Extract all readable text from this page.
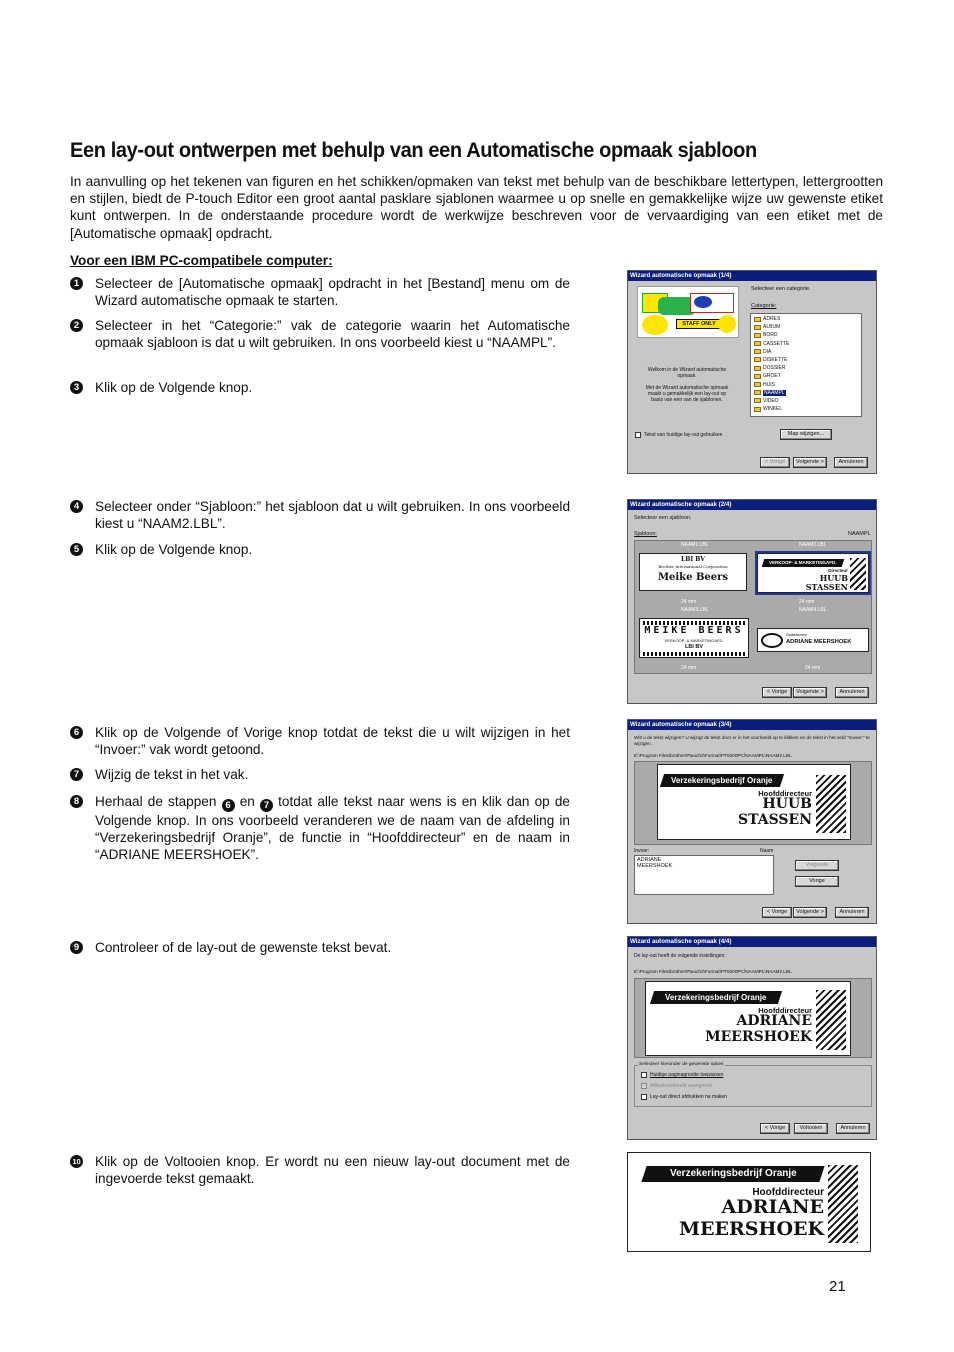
Een lay-out ontwerpen met behulp van een Automatische opmaak sjabloon

In aanvulling op het tekenen van figuren en het schikken/opmaken van tekst met behulp van de beschikbare lettertypen, lettergrootten en stijlen, biedt de P-touch Editor een groot aantal pasklare sjablonen waarmee u op snelle en gemakkelijke wijze uw gewenste etiket kunt ontwerpen. In de onderstaande procedure wordt de werkwijze beschreven voor de vervaardiging van een etiket met de [Automatische opmaak] opdracht.

Voor een IBM PC-compatibele computer:
1 Selecteer de [Automatische opmaak] opdracht in het [Bestand] menu om de Wizard automatische opmaak te starten.
2 Selecteer in het “Categorie:” vak de categorie waarin het Automatische opmaak sjabloon is dat u wilt gebruiken. In ons voorbeeld kiest u “NAAMPL”.
3 Klik op de Volgende knop.
4 Selecteer onder “Sjabloon:” het sjabloon dat u wilt gebruiken. In ons voorbeeld kiest u “NAAM2.LBL”.
5 Klik op de Volgende knop.
6 Klik op de Volgende of Vorige knop totdat de tekst die u wilt wijzigen in het “Invoer:” vak wordt getoond.
7 Wijzig de tekst in het vak.
8 Herhaal de stappen 6 en 7 totdat alle tekst naar wens is en klik dan op de Volgende knop. In ons voorbeeld veranderen we de naam van de afdeling in “Verzekeringsbedrijf Oranje”, de functie in “Hoofddirecteur” en de naam in “ADRIANE MEERSHOEK”.
9 Controleer of de lay-out de gewenste tekst bevat.
10 Klik op de Voltooien knop. Er wordt nu een nieuw lay-out document met de ingevoerde tekst gemaakt.
Wizard automatische opmaak (1/4)
STAFF ONLY
Welkom in de Wizard automatische opmaak.
Met de Wizard automatische opmaak maakt u gemakkelijk een lay-out op basis van een van de sjablonen.
Selecteer een categorie.
Categorie:
ADRES
ALBUM
BORD
CASSETTE
DIA
DISKETTE
DOSSIER
GROET
HUIS
NAAMPL
VIDEO
WINKEL
Tekst van huidige lay-out gebruiken	Map wijzigen...
< Vorige	Volgende >	Annuleren
Wizard automatische opmaak (2/4)
Selecteer een sjabloon.
Sjabloon:	NAAMPL
NAAM1.LBL	NAAM2.LBL
LBI BV
Brother International Corporation
Meike Beers
VERKOOP- & MARKETINGAFD.
Directeur
HUUB
STASSEN
24 mm	24 mm
NAAM3.LBL	NAAM4.LBL
MEIKE BEERS
VERKOOP- & MARKETINGAFD.
LBI BV
Stafdirecteur
ADRIANE MEERSHOEK
24 mm	24 mm
< Vorige	Volgende >	Annuleren
Wizard automatische opmaak (3/4)
Wilt u de tekst wijzigen? U wijzigt de tekst door er in het voorbeeld op te klikken en de tekst in het veld "Invoer:" te wijzigen.
E:\Program Files\brother\Ptouch2\Format\PT9200PC\NAAMPL\NAAM2.LBL
Verzekeringsbedrijf Oranje
Hoofddirecteur
HUUB
STASSEN
Invoer:	Naam
ADRIANE
MEERSHOEK	Volgende
Vorige
< Vorige	Volgende >	Annuleren
Wizard automatische opmaak (4/4)
De lay-out heeft de volgende instellingen:
E:\Program Files\brother\Ptouch2\Format\PT9200PC\NAAMPL\NAAM2.LBL
Verzekeringsbedrijf Oranje
Hoofddirecteur
ADRIANE
MEERSHOEK
Selecteer hieronder de gewenste opties
Huidige paginagrootte toepassen
✓ Afdrukvoorbeeld weergeven
Lay-out direct afdrukken na maken
< Vorige	Voltooien	Annuleren
Verzekeringsbedrijf Oranje
Hoofddirecteur
ADRIANE
MEERSHOEK
21
